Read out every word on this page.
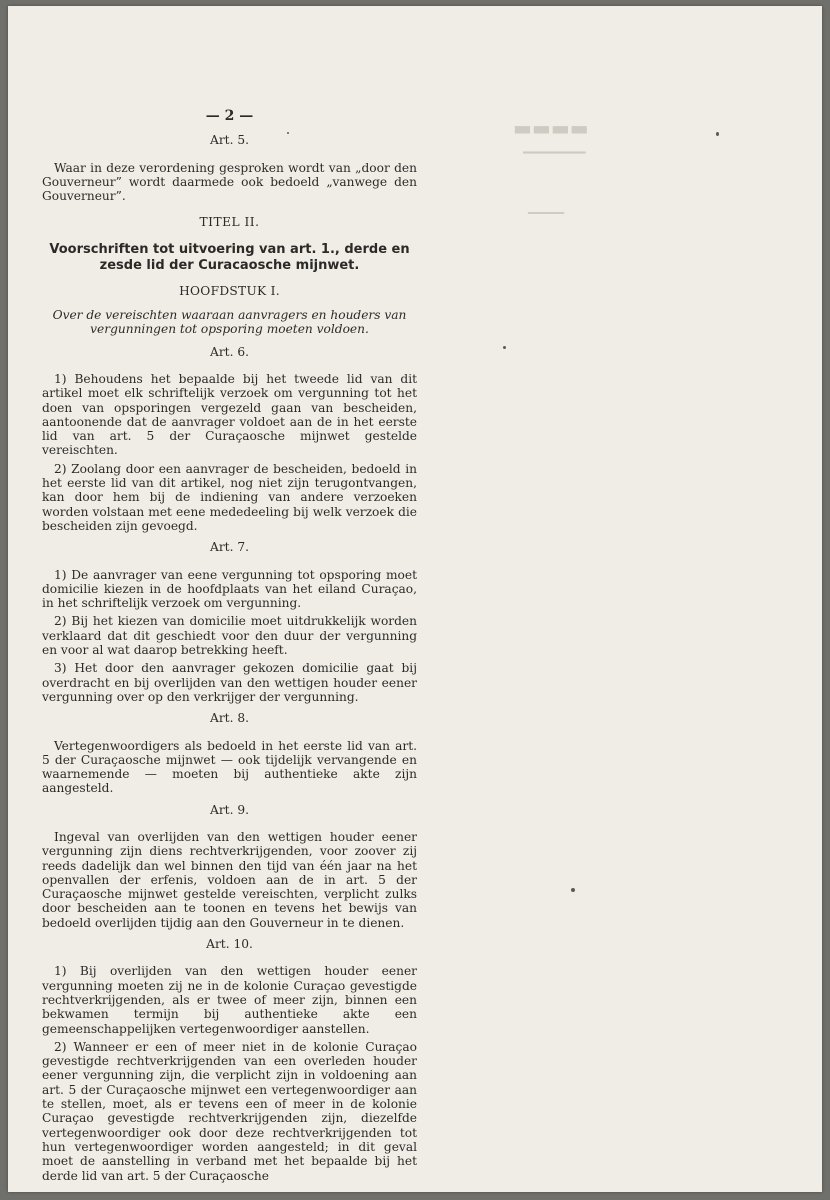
▬▬▬▬
━━━━━━━━
━━━━━
— 2 —
Art. 5.
Waar in deze verordening gesproken wordt van „door den Gouverneur” wordt daarmede ook bedoeld „vanwege den Gouverneur”.
TITEL II.
Voorschriften tot uitvoering van art. 1., derde en zesde lid der Curacaosche mijnwet.
HOOFDSTUK I.
Over de vereischten waaraan aanvragers en houders van vergunningen tot opsporing moeten voldoen.
Art. 6.
1) Behoudens het bepaalde bij het tweede lid van dit artikel moet elk schriftelijk verzoek om vergunning tot het doen van opsporingen vergezeld gaan van bescheiden, aantoonende dat de aanvrager voldoet aan de in het eerste lid van art. 5 der Curaçaosche mijnwet gestelde vereischten.
2) Zoolang door een aanvrager de bescheiden, bedoeld in het eerste lid van dit artikel, nog niet zijn terugontvangen, kan door hem bij de indiening van andere verzoeken worden volstaan met eene mededeeling bij welk verzoek die bescheiden zijn gevoegd.
Art. 7.
1) De aanvrager van eene vergunning tot opsporing moet domicilie kiezen in de hoofdplaats van het eiland Curaçao, in het schriftelijk verzoek om vergunning.
2) Bij het kiezen van domicilie moet uitdrukkelijk worden verklaard dat dit geschiedt voor den duur der vergunning en voor al wat daarop betrekking heeft.
3) Het door den aanvrager gekozen domicilie gaat bij overdracht en bij overlijden van den wettigen houder eener vergunning over op den verkrijger der vergunning.
Art. 8.
Vertegenwoordigers als bedoeld in het eerste lid van art. 5 der Curaçaosche mijnwet — ook tijdelijk vervangende en waarnemende — moeten bij authentieke akte zijn aangesteld.
Art. 9.
Ingeval van overlijden van den wettigen houder eener vergunning zijn diens rechtverkrijgenden, voor zoover zij reeds dadelijk dan wel binnen den tijd van één jaar na het openvallen der erfenis, voldoen aan de in art. 5 der Curaçaosche mijnwet gestelde vereischten, verplicht zulks door bescheiden aan te toonen en tevens het bewijs van bedoeld overlijden tijdig aan den Gouverneur in te dienen.
Art. 10.
1) Bij overlijden van den wettigen houder eener vergunning moeten zij ne in de kolonie Curaçao gevestigde rechtverkrijgenden, als er twee of meer zijn, binnen een bekwamen termijn bij authentieke akte een gemeenschappelijken vertegenwoordiger aanstellen.
2) Wanneer er een of meer niet in de kolonie Curaçao gevestigde rechtverkrijgenden van een overleden houder eener vergunning zijn, die verplicht zijn in voldoening aan art. 5 der Curaçaosche mijnwet een vertegenwoordiger aan te stellen, moet, als er tevens een of meer in de kolonie Curaçao gevestigde rechtverkrijgenden zijn, diezelfde vertegenwoordiger ook door deze rechtverkrijgenden tot hun vertegenwoordiger worden aangesteld; in dit geval moet de aanstelling in verband met het bepaalde bij het derde lid van art. 5 der Curaçaosche
